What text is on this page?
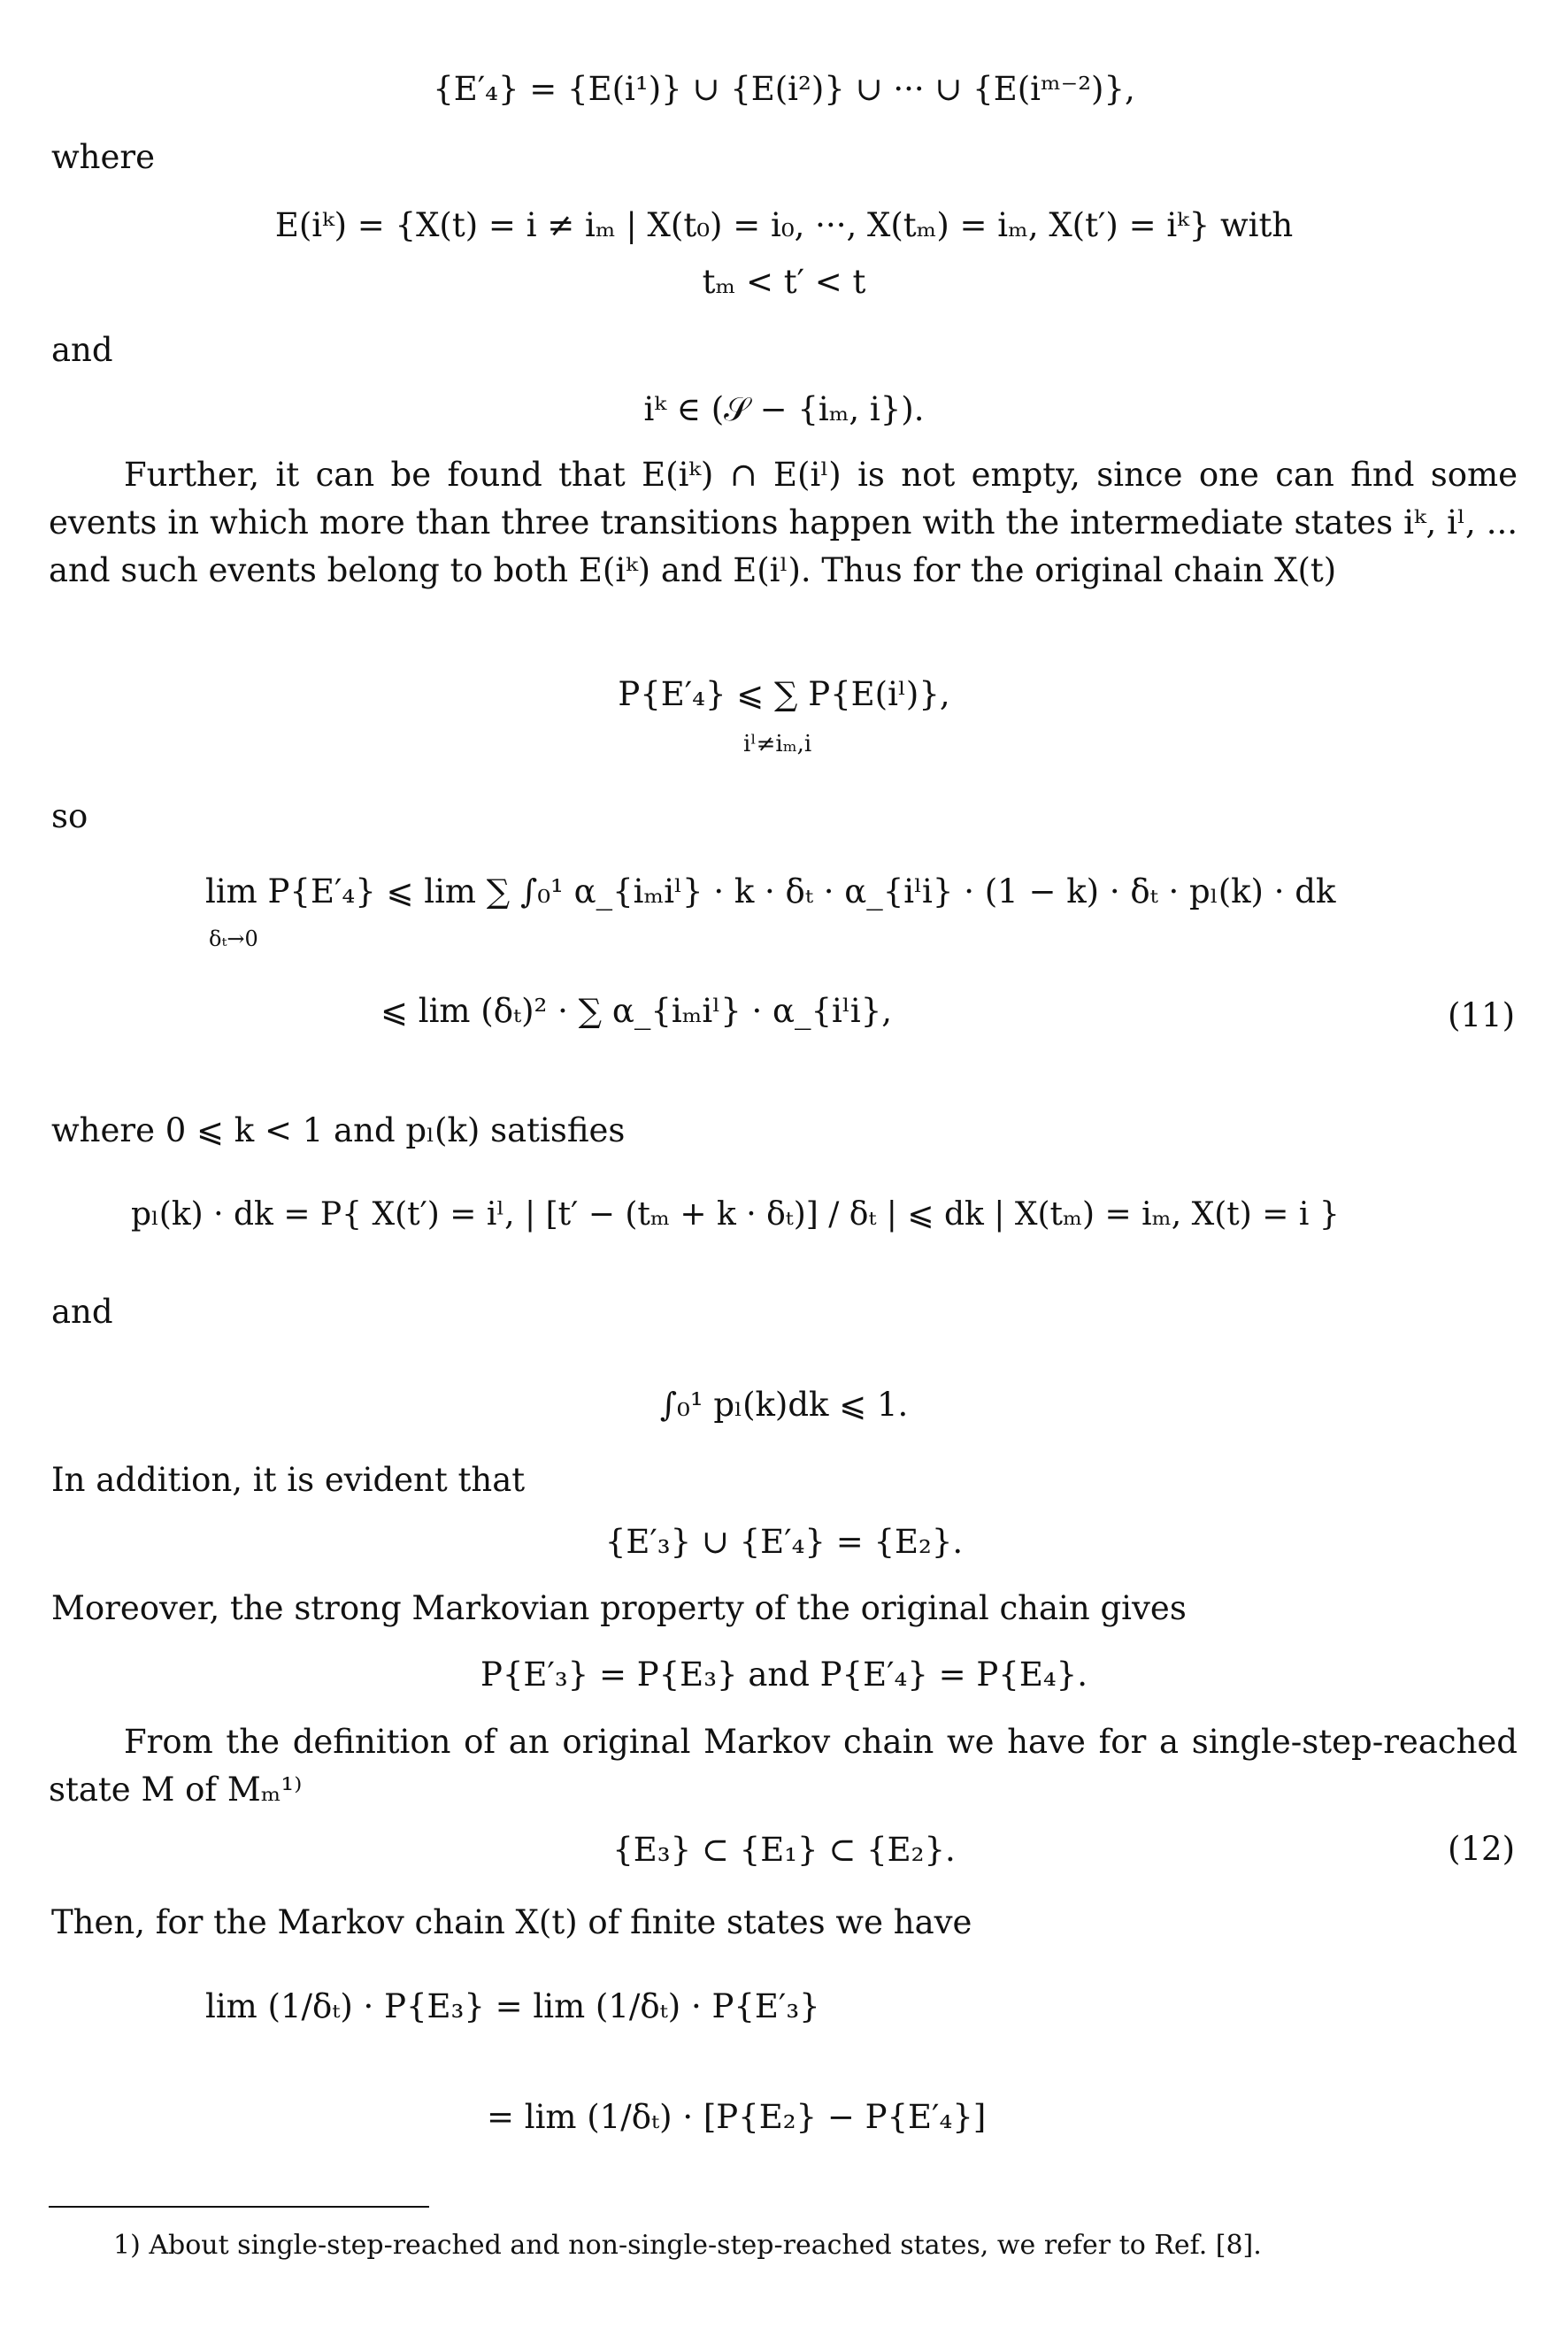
{E′₄} = {E(i¹)} ∪ {E(i²)} ∪ ··· ∪ {E(iᵐ⁻²)},
where
E(iᵏ) = {X(t) = i ≠ iₘ | X(t₀) = i₀, ···, X(tₘ) = iₘ, X(t′) = iᵏ} with
tₘ < t′ < t
and
iᵏ ∈ (𝒮 − {iₘ, i}).
Further, it can be found that E(iᵏ) ∩ E(iˡ) is not empty, since one can find some events in which more than three transitions happen with the intermediate states iᵏ, iˡ, ... and such events belong to both E(iᵏ) and E(iˡ). Thus for the original chain X(t)
P{E′₄} ⩽ ∑ P{E(iˡ)},
iˡ≠iₘ,i
so
lim P{E′₄} ⩽ lim ∑ ∫₀¹ α_{iₘiˡ} · k · δₜ · α_{iˡi} · (1 − k) · δₜ · pₗ(k) · dk
δₜ→0
⩽ lim (δₜ)² · ∑ α_{iₘiˡ} · α_{iˡi},	(11)
where 0 ⩽ k < 1 and pₗ(k) satisfies
pₗ(k) · dk = P{ X(t′) = iˡ, | [t′ − (tₘ + k · δₜ)] / δₜ | ⩽ dk | X(tₘ) = iₘ, X(t) = i }
and
∫₀¹ pₗ(k)dk ⩽ 1.
In addition, it is evident that
{E′₃} ∪ {E′₄} = {E₂}.
Moreover, the strong Markovian property of the original chain gives
P{E′₃} = P{E₃} and P{E′₄} = P{E₄}.
From the definition of an original Markov chain we have for a single-step-reached state M of Mₘ¹⁾
{E₃} ⊂ {E₁} ⊂ {E₂}.	(12)
Then, for the Markov chain X(t) of finite states we have
lim (1/δₜ) · P{E₃} = lim (1/δₜ) · P{E′₃}
= lim (1/δₜ) · [P{E₂} − P{E′₄}]
1) About single-step-reached and non-single-step-reached states, we refer to Ref. [8].
